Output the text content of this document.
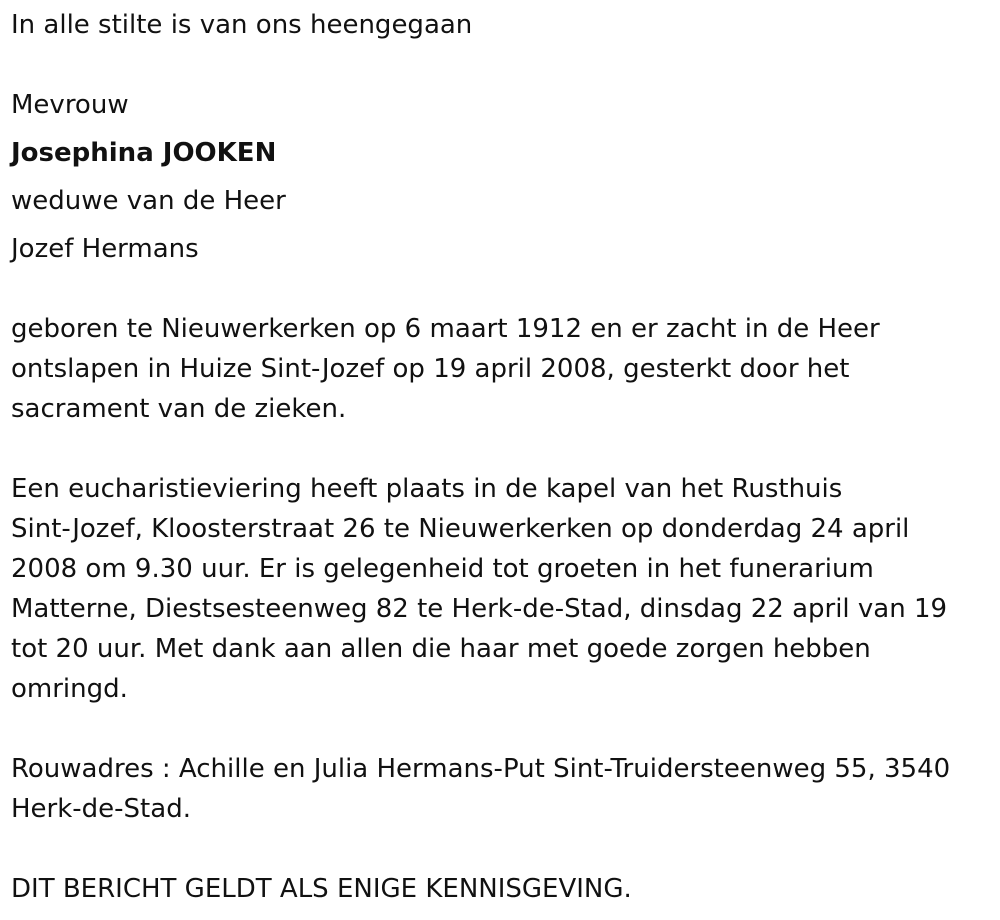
In alle stilte is van ons heengegaan
Mevrouw
Josephina JOOKEN
weduwe van de Heer
Jozef Hermans
geboren te Nieuwerkerken op 6 maart 1912 en er zacht in de Heer
ontslapen in Huize Sint-Jozef op 19 april 2008, gesterkt door het
sacrament van de zieken.
Een eucharistieviering heeft plaats in de kapel van het Rusthuis
Sint-Jozef, Kloosterstraat 26 te Nieuwerkerken op donderdag 24 april
2008 om 9.30 uur. Er is gelegenheid tot groeten in het funerarium
Matterne, Diestsesteenweg 82 te Herk-de-Stad, dinsdag 22 april van 19
tot 20 uur. Met dank aan allen die haar met goede zorgen hebben
omringd.
Rouwadres : Achille en Julia Hermans-Put Sint-Truidersteenweg 55, 3540
Herk-de-Stad.
DIT BERICHT GELDT ALS ENIGE KENNISGEVING.
